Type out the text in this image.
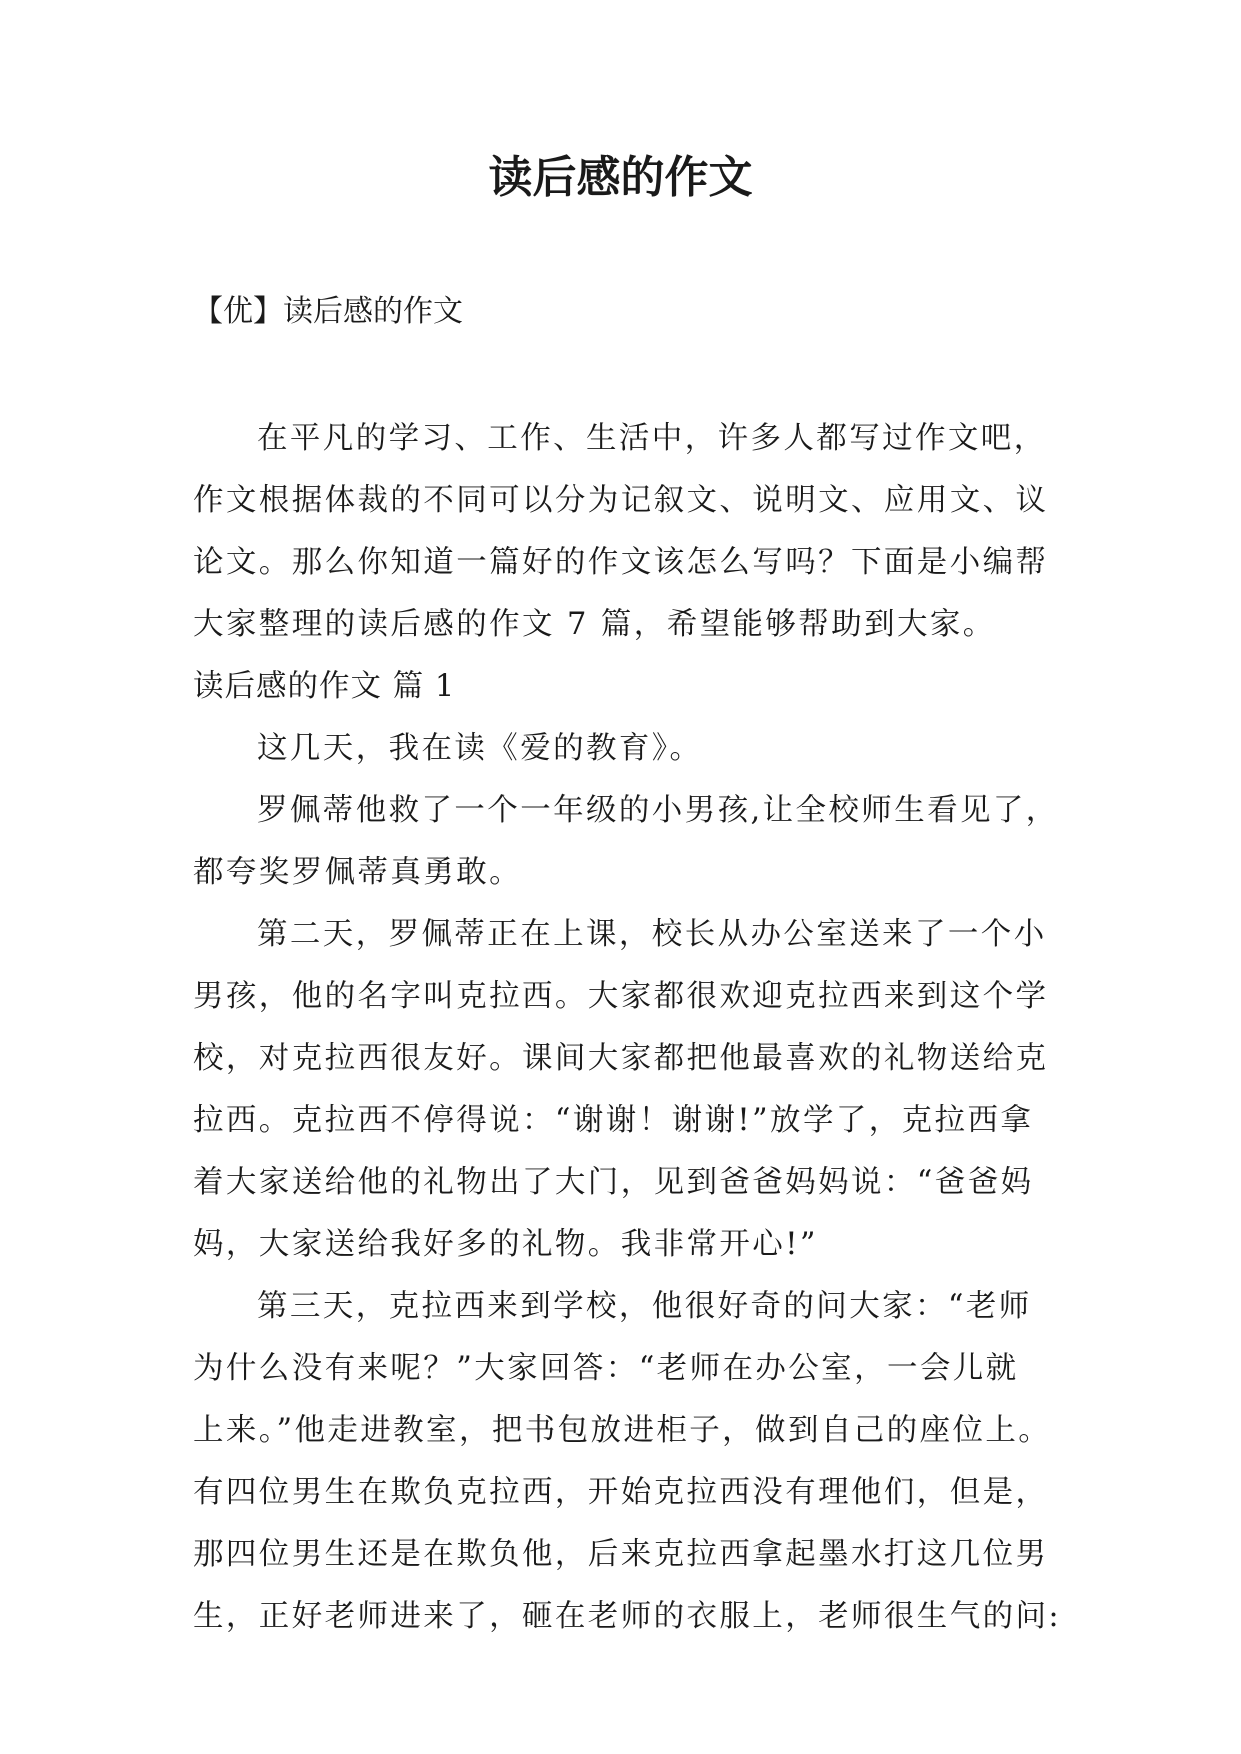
读后感的作文

【优】读后感的作文

在平凡的学习、工作、生活中，许多人都写过作文吧，
作文根据体裁的不同可以分为记叙文、说明文、应用文、议
论文。那么你知道一篇好的作文该怎么写吗？下面是小编帮
大家整理的读后感的作文 7 篇，希望能够帮助到大家。
读后感的作文 篇 1
这几天，我在读《爱的教育》。
罗佩蒂他救了一个一年级的小男孩,让全校师生看见了，
都夸奖罗佩蒂真勇敢。
第二天，罗佩蒂正在上课，校长从办公室送来了一个小
男孩，他的名字叫克拉西。大家都很欢迎克拉西来到这个学
校，对克拉西很友好。课间大家都把他最喜欢的礼物送给克
拉西。克拉西不停得说：“谢谢！谢谢!”放学了，克拉西拿
着大家送给他的礼物出了大门，见到爸爸妈妈说：“爸爸妈
妈，大家送给我好多的礼物。我非常开心!”
第三天，克拉西来到学校，他很好奇的问大家：“老师
为什么没有来呢？”大家回答：“老师在办公室，一会儿就
上来。”他走进教室，把书包放进柜子，做到自己的座位上。
有四位男生在欺负克拉西，开始克拉西没有理他们，但是，
那四位男生还是在欺负他，后来克拉西拿起墨水打这几位男
生，正好老师进来了，砸在老师的衣服上，老师很生气的问:
